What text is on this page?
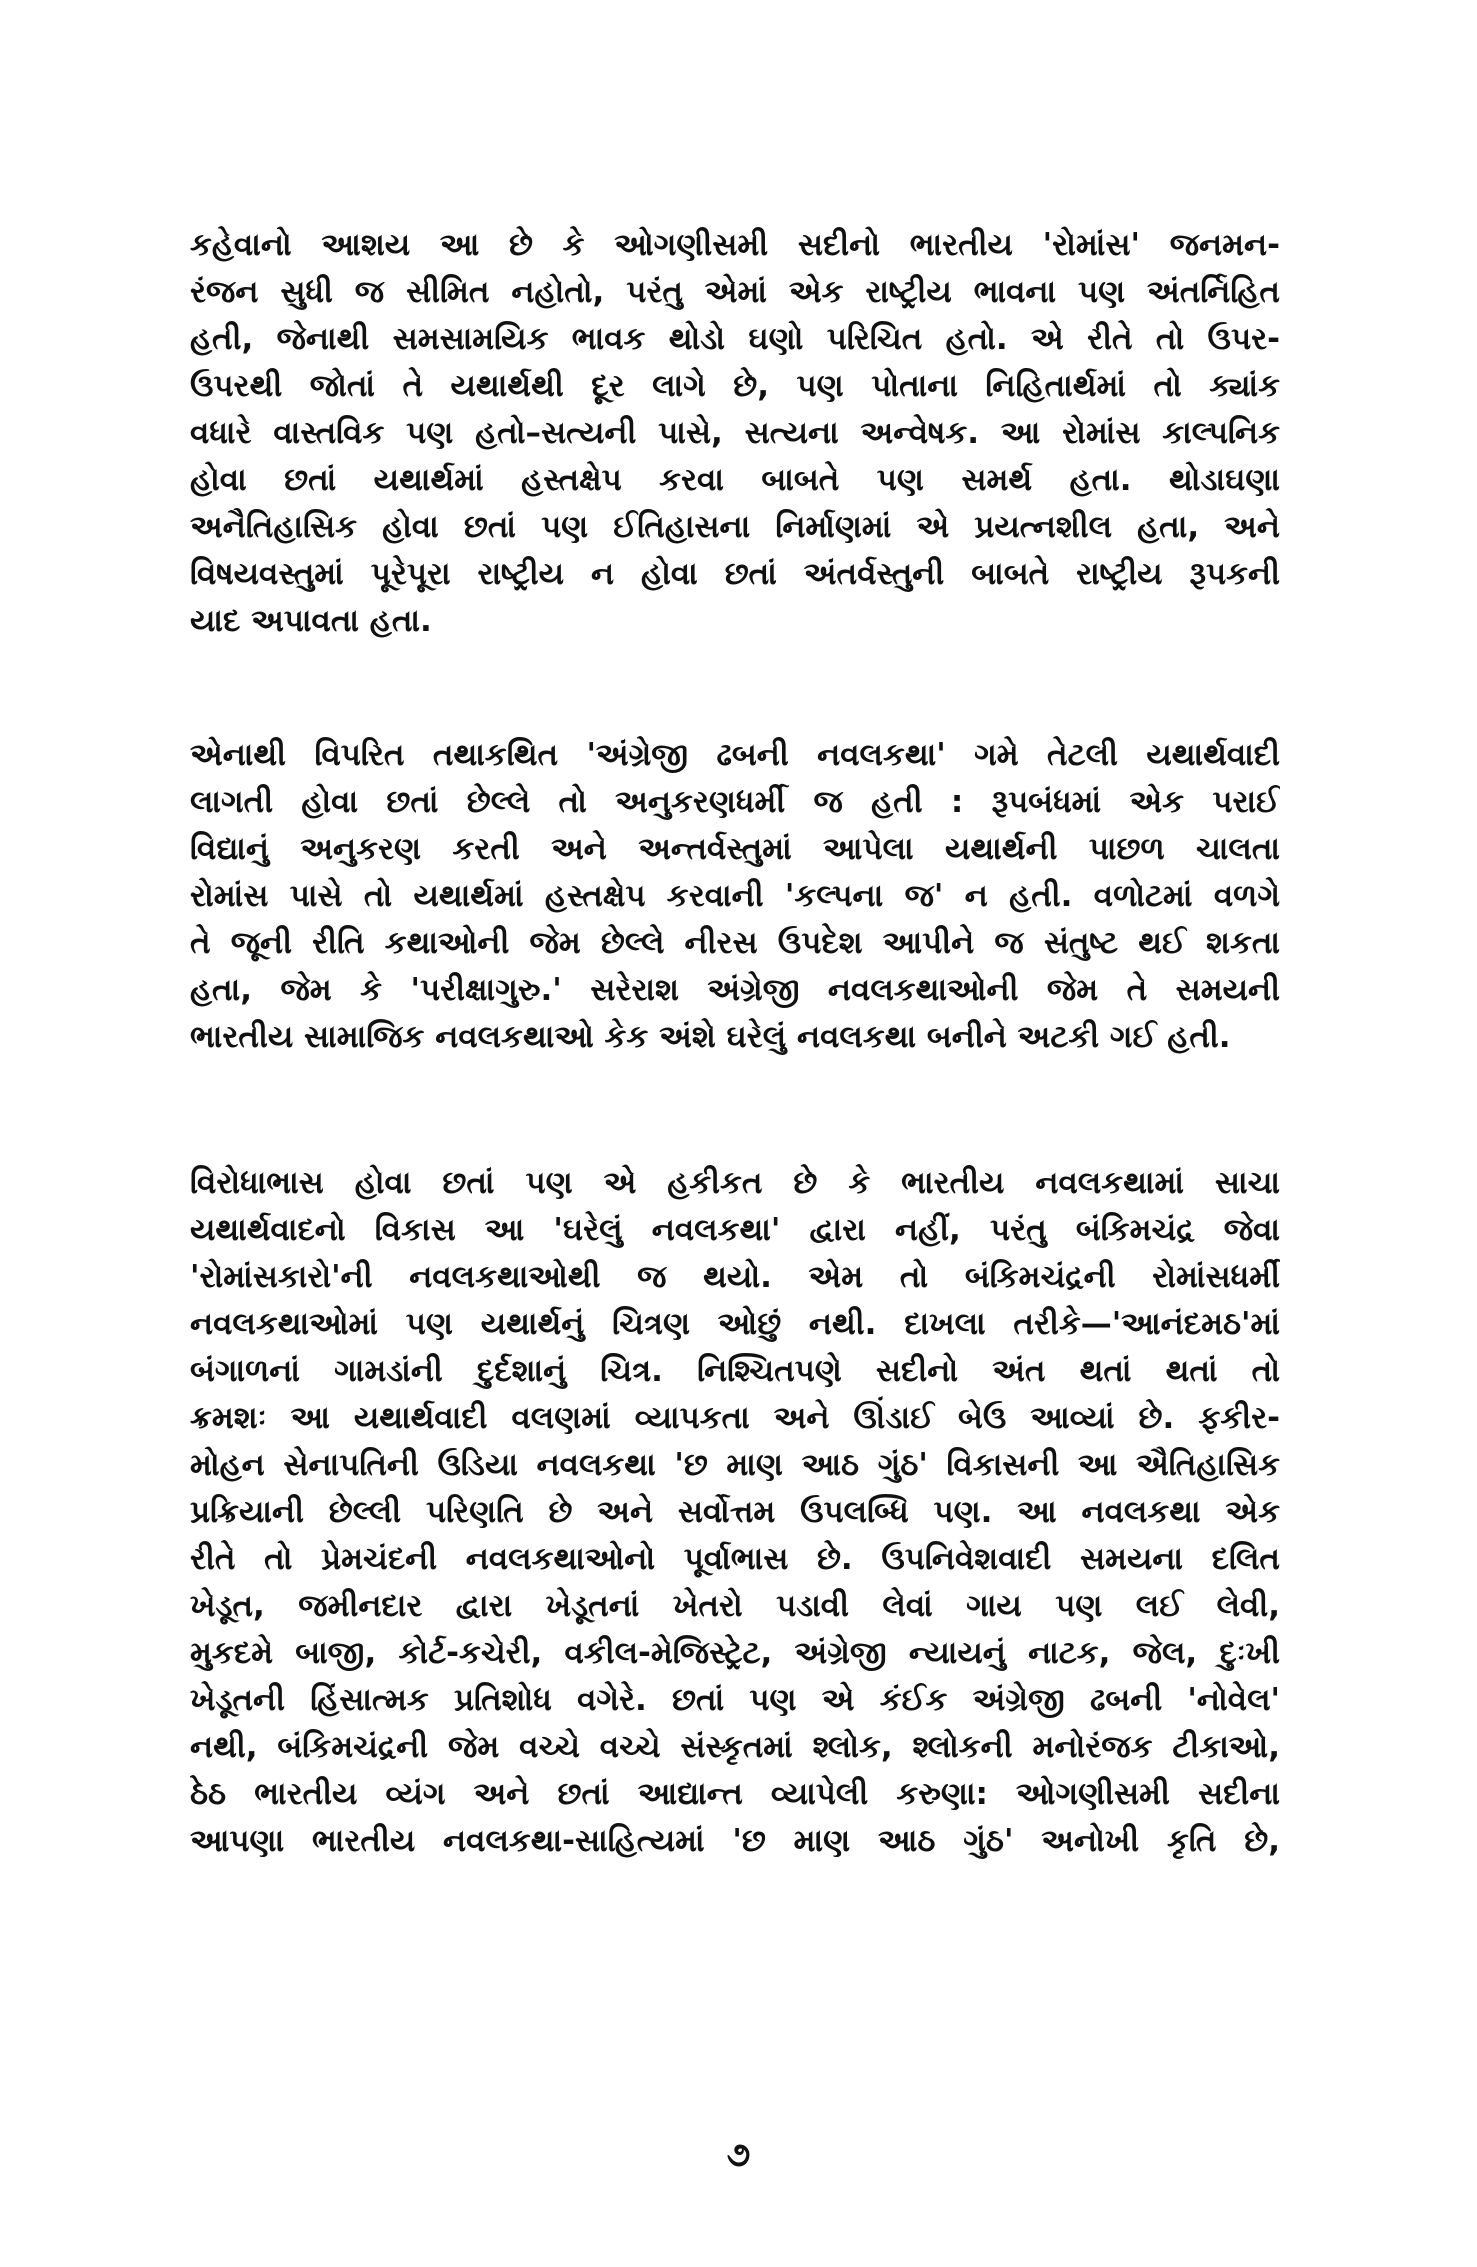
કહેવાનો આશય આ છે કે ઓગણીસમી સદીનો ભારતીય 'રોમાંસ' જનમન-
રંજન સુધી જ સીમિત નહોતો, પરંતુ એમાં એક રાષ્ટ્રીય ભાવના પણ અંતર્નિહિત
હતી, જેનાથી સમસામયિક ભાવક થોડો ઘણો પરિચિત હતો. એ રીતે તો ઉપર-
ઉપરથી જોતાં તે યથાર્થથી દૂર લાગે છે, પણ પોતાના નિહિતાર્થમાં તો ક્યાંક
વધારે વાસ્તવિક પણ હતો–સત્યની પાસે, સત્યના અન્વેષક. આ રોમાંસ કાલ્પનિક
હોવા છતાં યથાર્થમાં હસ્તક્ષેપ કરવા બાબતે પણ સમર્થ હતા. થોડાઘણા
અનૈતિહાસિક હોવા છતાં પણ ઈતિહાસના નિર્માણમાં એ પ્રયત્નશીલ હતા, અને
વિષયવસ્તુમાં પૂરેપૂરા રાષ્ટ્રીય ન હોવા છતાં અંતર્વસ્તુની બાબતે રાષ્ટ્રીય રૂપકની
યાદ અપાવતા હતા.
એનાથી વિપરિત તથાકથિત 'અંગ્રેજી ઢબની નવલકથા' ગમે તેટલી યથાર્થવાદી
લાગતી હોવા છતાં છેલ્લે તો અનુકરણધર્મી જ હતી : રૂપબંધમાં એક પરાઈ
વિદ્યાનું અનુકરણ કરતી અને અન્તર્વસ્તુમાં આપેલા યથાર્થની પાછળ ચાલતા
રોમાંસ પાસે તો યથાર્થમાં હસ્તક્ષેપ કરવાની 'કલ્પના જ' ન હતી. વળોટમાં વળગે
તે જૂની રીતિ કથાઓની જેમ છેલ્લે નીરસ ઉપદેશ આપીને જ સંતુષ્ટ થઈ શકતા
હતા, જેમ કે 'પરીક્ષાગુરુ.' સરેરાશ અંગ્રેજી નવલકથાઓની જેમ તે સમયની
ભારતીય સામાજિક નવલકથાઓ કેક અંશે ઘરેલું નવલકથા બનીને અટકી ગઈ હતી.
વિરોધાભાસ હોવા છતાં પણ એ હકીકત છે કે ભારતીય નવલકથામાં સાચા
યથાર્થવાદનો વિકાસ આ 'ઘરેલું નવલકથા' દ્વારા નહીં, પરંતુ બંકિમચંદ્ર જેવા
'રોમાંસકારો'ની નવલકથાઓથી જ થયો. એમ તો બંકિમચંદ્રની રોમાંસધર્મી
નવલકથાઓમાં પણ યથાર્થનું ચિત્રણ ઓછું નથી. દાખલા તરીકે—'આનંદમઠ'માં
બંગાળનાં ગામડાંની દુર્દશાનું ચિત્ર. નિશ્ચિતપણે સદીનો અંત થતાં થતાં તો
ક્રમશઃ આ યથાર્થવાદી વલણમાં વ્યાપકતા અને ઊંડાઈ બેઉ આવ્યાં છે. ફકીર-
મોહન સેનાપતિની ઉડિયા નવલકથા 'છ માણ આઠ ગુંઠ' વિકાસની આ ઐતિહાસિક
પ્રક્રિયાની છેલ્લી પરિણતિ છે અને સર્વોત્તમ ઉપલબ્ધિ પણ. આ નવલકથા એક
રીતે તો પ્રેમચંદની નવલકથાઓનો પૂર્વાભાસ છે. ઉપનિવેશવાદી સમયના દલિત
ખેડૂત, જમીનદાર દ્વારા ખેડૂતનાં ખેતરો પડાવી લેવાં ગાય પણ લઈ લેવી,
મુકદમે બાજી, કોર્ટ-કચેરી, વકીલ-મેજિસ્ટ્રેટ, અંગ્રેજી ન્યાયનું નાટક, જેલ, દુઃખી
ખેડૂતની હિંસાત્મક પ્રતિશોધ વગેરે. છતાં પણ એ કંઈક અંગ્રેજી ઢબની 'નોવેલ'
નથી, બંકિમચંદ્રની જેમ વચ્ચે વચ્ચે સંસ્કૃતમાં શ્લોક, શ્લોકની મનોરંજક ટીકાઓ,
ઠેઠ ભારતીય વ્યંગ અને છતાં આદ્યાન્ત વ્યાપેલી કરુણા: ઓગણીસમી સદીના
આપણા ભારતીય નવલકથા-સાહિત્યમાં 'છ માણ આઠ ગુંઠ' અનોખી કૃતિ છે,
૭
